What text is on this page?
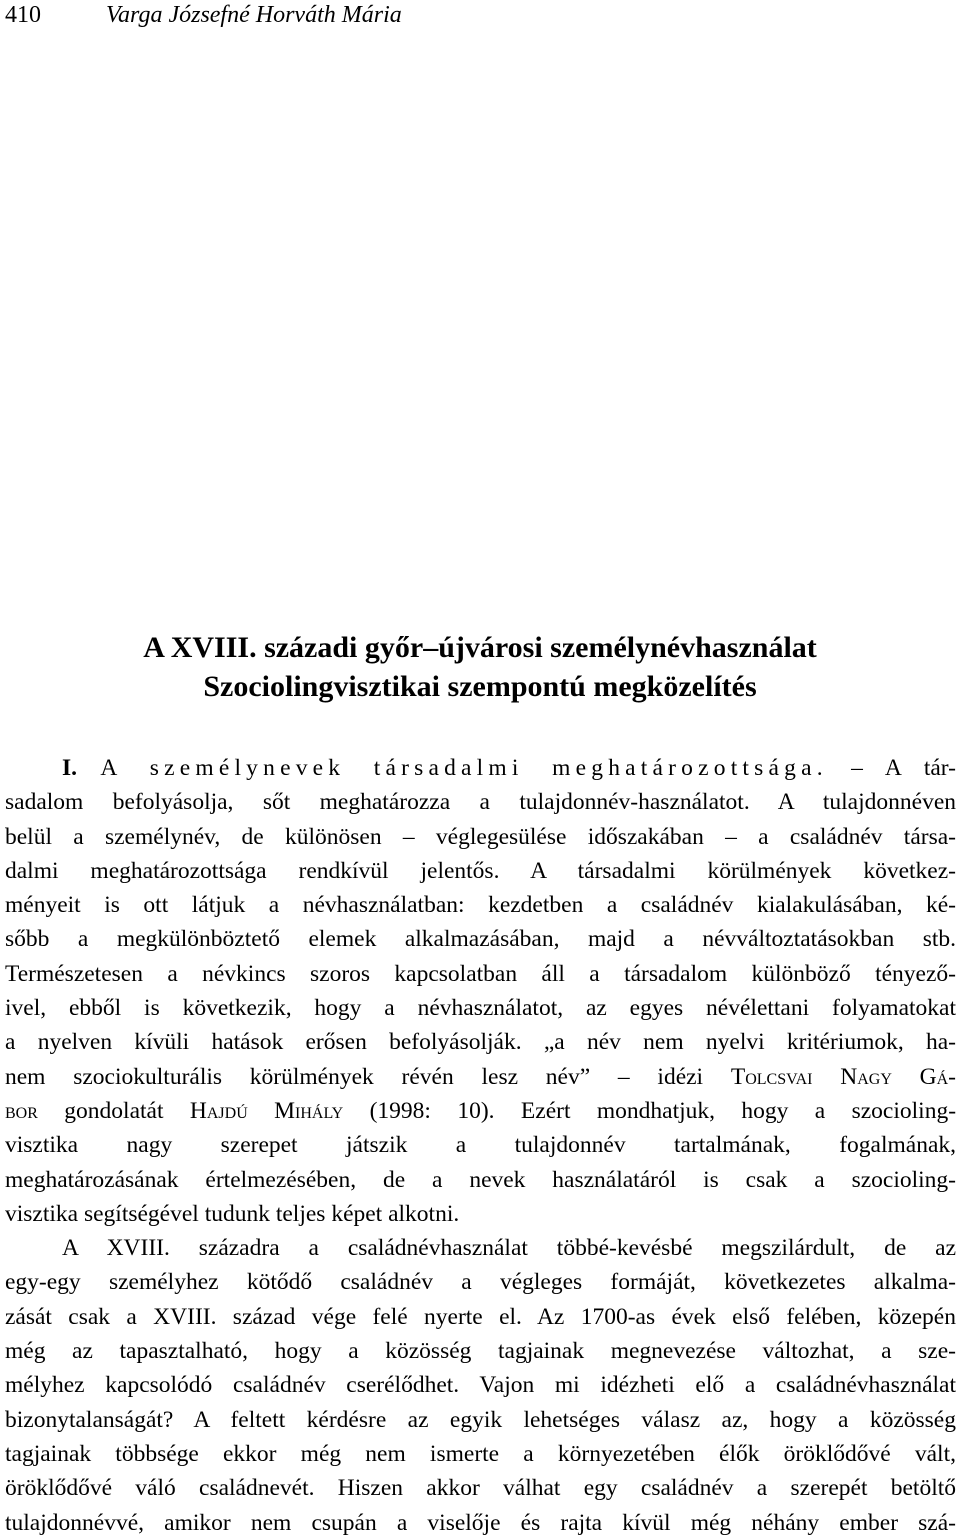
410	Varga Józsefné Horváth Mária

A XVIII. századi győr–újvárosi személynévhasználat

Szociolingvisztikai szempontú megközelítés

I. A személynevek társadalmi meghatározottsága. – A tár-
sadalom befolyásolja, sőt meghatározza a tulajdonnév-használatot. A tulajdonnéven
belül a személynév, de különösen – véglegesülése időszakában – a családnév társa-
dalmi meghatározottsága rendkívül jelentős. A társadalmi körülmények következ-
ményeit is ott látjuk a névhasználatban: kezdetben a családnév kialakulásában, ké-
sőbb a megkülönböztető elemek alkalmazásában, majd a névváltoztatásokban stb.
Természetesen a névkincs szoros kapcsolatban áll a társadalom különböző tényező-
ivel, ebből is következik, hogy a névhasználatot, az egyes névélettani folyamatokat
a nyelven kívüli hatások erősen befolyásolják. „a név nem nyelvi kritériumok, ha-
nem szociokulturális körülmények révén lesz név” – idézi Tolcsvai Nagy Gá-
bor gondolatát Hajdú Mihály (1998: 10). Ezért mondhatjuk, hogy a szocioling-
visztika nagy szerepet játszik a tulajdonnév tartalmának, fogalmának,
meghatározásának értelmezésében, de a nevek használatáról is csak a szocioling-
visztika segítségével tudunk teljes képet alkotni.
A XVIII. századra a családnévhasználat többé-kevésbé megszilárdult, de az
egy-egy személyhez kötődő családnév a végleges formáját, következetes alkalma-
zását csak a XVIII. század vége felé nyerte el. Az 1700-as évek első felében, közepén
még az tapasztalható, hogy a közösség tagjainak megnevezése változhat, a sze-
mélyhez kapcsolódó családnév cserélődhet. Vajon mi idézheti elő a családnévhasználat
bizonytalanságát? A feltett kérdésre az egyik lehetséges válasz az, hogy a közösség
tagjainak többsége ekkor még nem ismerte a környezetében élők öröklődővé vált,
öröklődővé váló családnevét. Hiszen akkor válhat egy családnév a szerepét betöltő
tulajdonnévvé, amikor nem csupán a viselője és rajta kívül még néhány ember szá-
